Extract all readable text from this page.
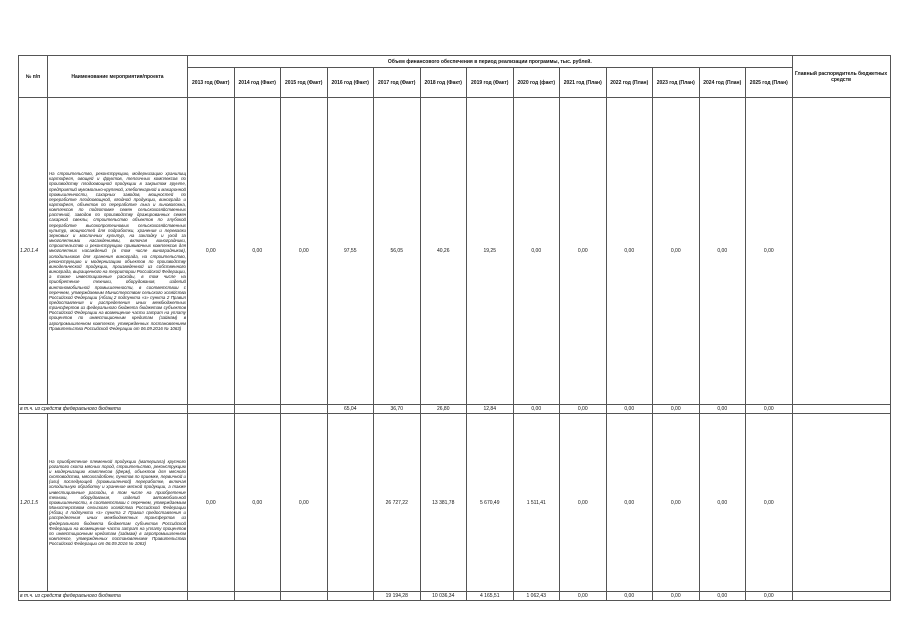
№ п/п	Наименование мероприятия/проекта	Объем финансового обеспечения в период реализации программы, тыс. рублей.													Главный распорядитель бюджетных средств
		2013 год (Факт)	2014 год (Факт)	2015 год (Факт)	2016 год (Факт)	2017 год (Факт)	2018 год (Факт)	2019 год (Факт)	2020 год (факт)	2021 год (План)	2022 год (План)	2023 год (План)	2024 год (План)	2025 год (План)	
1.20.1.4	На строительство, реконструкцию, модернизацию хранилищ картофеля, овощей и фруктов, тепличных комплексов по производству плодоовощной продукции в закрытом грунте, предприятий мукомольно-крупяной, хлебопекарной и макаронной промышленности, сахарных заводов, мощностей по переработке плодоовощной, ягодной продукции, винограда и картофеля, объектов по переработке льна и льноволокна, комплексов по подготовке семян сельскохозяйственных растений, заводов по производству дражированных семян сахарной свеклы, строительство объектов по глубокой переработке высокопротеиновых сельскохозяйственных культур, мощностей для подработки, хранения и перевалки зерновых и масличных культур, на закладку и уход за многолетними насаждениями, включая виноградники, строительство и реконструкцию прививочных комплексов для многолетних насаждений (в том числе виноградников), холодильников для хранения винограда, на строительство, реконструкцию и модернизацию объектов по производству винодельческой продукции, произведенной из собственного винограда, выращенного на территории Российской Федерации, а также инвестиционные расходы, в том числе на приобретение техники, оборудования, изделий винтономобильной промышленности, в соответствии с перечнем, утверждаемым Министерством сельского хозяйства Российской Федерации (Абзац 2 подпункта «з» пункта 2 Правил предоставления и распределения иных межбюджетных трансфертов из федерального бюджета бюджетам субъектов Российской Федерации на возмещение части затрат на уплату процентов по инвестиционным кредитам (займам) в агропромышленном комплексе, утвержденных постановлением Правительства Российской Федерации от 06.09.2016 № 1063)	0,00	0,00	0,00	97,55	56,05	40,26	19,25	0,00	0,00	0,00	0,00	0,00	0,00	
в т.ч. из средств федерального бюджета					65,04	36,70	26,80	12,84	0,00	0,00	0,00	0,00	0,00	0,00	
1.20.1.5	На приобретение племенной продукции (материала) крупного рогатого скота мясных пород, строительство, реконструкцию и модернизацию комплексов (ферм), объектов для мясного скотоводства, мясохладобоен, пунктов по приемке, первичной и (или) последующей (промышленной) переработке, включая холодильную обработку и хранение мясной продукции, а также инвестиционные расходы, в том числе на приобретение техники, оборудования, изделий автомобильной промышленности, в соответствии с перечнем, утверждаемым Министерством сельского хозяйства Российской Федерации (Абзац 4 подпункта «з» пункта 2 Правил предоставления и распределения иных межбюджетных трансфертов из федерального бюджета бюджетам субъектов Российской Федерации на возмещение части затрат на уплату процентов по инвестиционным кредитам (займам) в агропромышленном комплексе, утвержденных постановлением Правительства Российской Федерации от 06.09.2016 № 1063)	0,00	0,00	0,00		26 727,22	13 381,78	5 670,49	1 511,41	0,00	0,00	0,00	0,00	0,00	
в т.ч. из средств федерального бюджета						19 194,28	10 036,34	4 165,51	1 062,43	0,00	0,00	0,00	0,00	0,00	
